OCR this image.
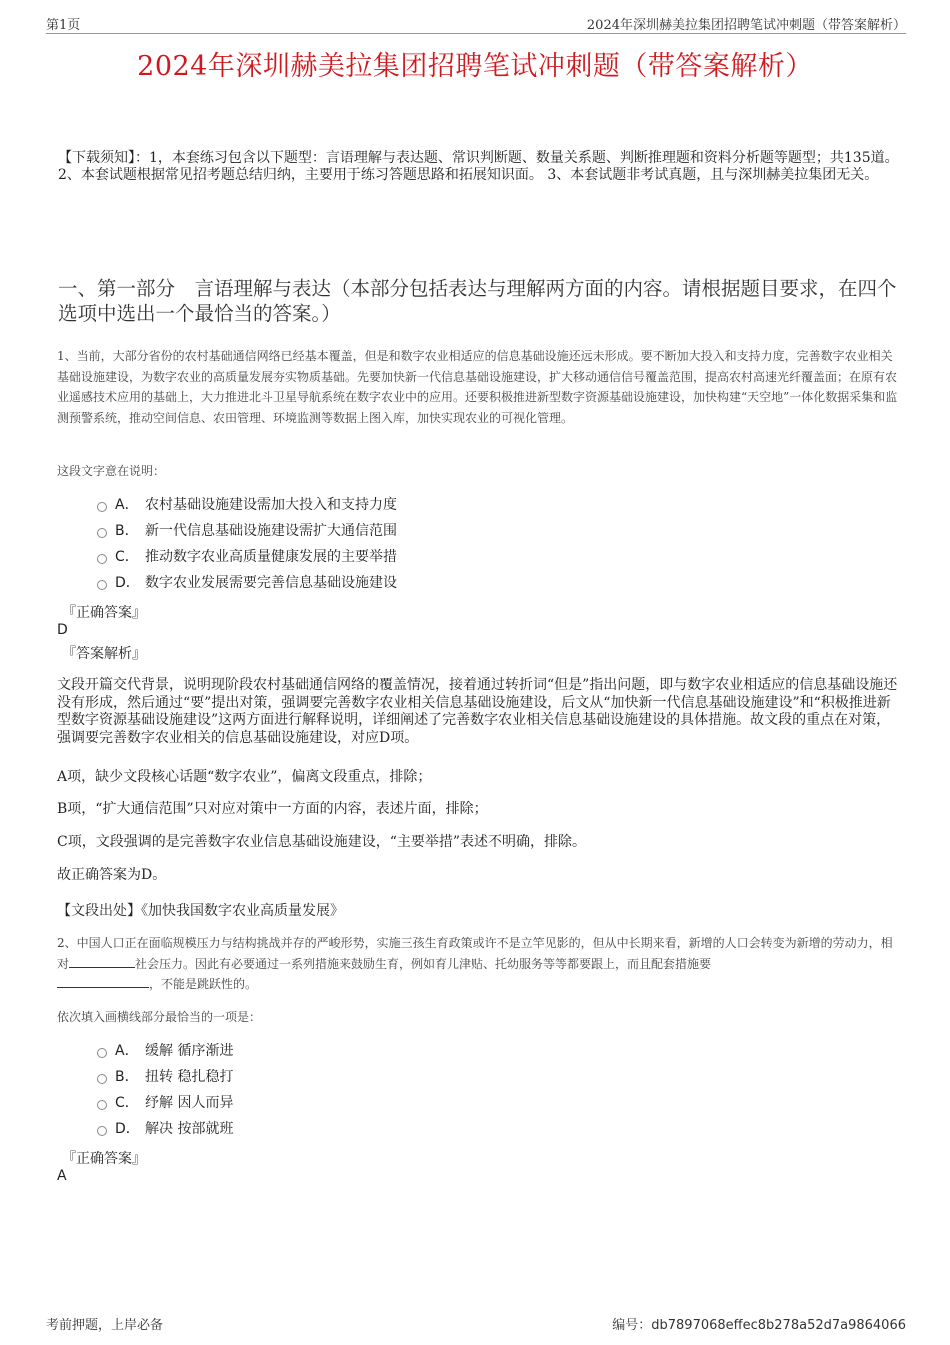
第1页	2024年深圳赫美拉集团招聘笔试冲刺题（带答案解析）
2024年深圳赫美拉集团招聘笔试冲刺题（带答案解析）
【下载须知】：1，本套练习包含以下题型：言语理解与表达题、常识判断题、数量关系题、判断推理题和资料分析题等题型；共135道。 2、本套试题根据常见招考题总结归纳，主要用于练习答题思路和拓展知识面。 3、本套试题非考试真题，且与深圳赫美拉集团无关。
一、第一部分　言语理解与表达（本部分包括表达与理解两方面的内容。请根据题目要求，在四个选项中选出一个最恰当的答案。）
1、当前，大部分省份的农村基础通信网络已经基本覆盖，但是和数字农业相适应的信息基础设施还远未形成。要不断加大投入和支持力度，完善数字农业相关基础设施建设，为数字农业的高质量发展夯实物质基础。先要加快新一代信息基础设施建设，扩大移动通信信号覆盖范围，提高农村高速光纤覆盖面；在原有农业遥感技术应用的基础上，大力推进北斗卫星导航系统在数字农业中的应用。还要积极推进新型数字资源基础设施建设，加快构建“天空地”一体化数据采集和监测预警系统，推动空间信息、农田管理、环境监测等数据上图入库，加快实现农业的可视化管理。
这段文字意在说明：
A． 农村基础设施建设需加大投入和支持力度
B． 新一代信息基础设施建设需扩大通信范围
C． 推动数字农业高质量健康发展的主要举措
D． 数字农业发展需要完善信息基础设施建设
『正确答案』
D
『答案解析』
文段开篇交代背景，说明现阶段农村基础通信网络的覆盖情况，接着通过转折词“但是”指出问题，即与数字农业相适应的信息基础设施还没有形成，然后通过“要”提出对策，强调要完善数字农业相关信息基础设施建设，后文从“加快新一代信息基础设施建设”和“积极推进新型数字资源基础设施建设”这两方面进行解释说明，详细阐述了完善数字农业相关信息基础设施建设的具体措施。故文段的重点在对策，强调要完善数字农业相关的信息基础设施建设，对应D项。
A项，缺少文段核心话题“数字农业”，偏离文段重点，排除；
B项，“扩大通信范围”只对应对策中一方面的内容，表述片面，排除；
C项，文段强调的是完善数字农业信息基础设施建设，“主要举措”表述不明确，排除。
故正确答案为D。
【文段出处】《加快我国数字农业高质量发展》
2、中国人口正在面临规模压力与结构挑战并存的严峻形势，实施三孩生育政策或许不是立竿见影的，但从中长期来看，新增的人口会转变为新增的劳动力，相对	社会压力。因此有必要通过一系列措施来鼓励生育，例如育儿津贴、托幼服务等等都要跟上，而且配套措施要
，不能是跳跃性的。
依次填入画横线部分最恰当的一项是：
A． 缓解 循序渐进
B． 扭转 稳扎稳打
C． 纾解 因人而异
D． 解决 按部就班
『正确答案』
A
考前押题，上岸必备	编号：db7897068effec8b278a52d7a9864066
